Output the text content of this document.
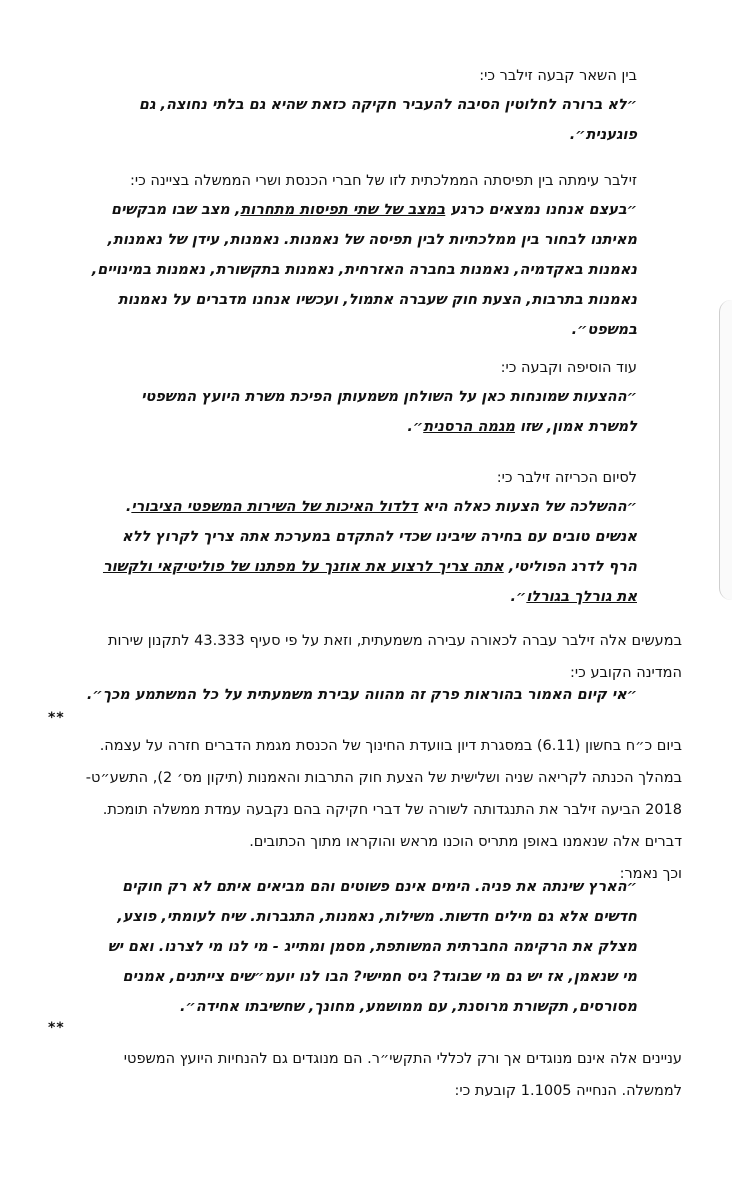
בין השאר קבעה זילבר כי:

״לא ברורה לחלוטין הסיבה להעביר חקיקה כזאת שהיא גם בלתי נחוצה, גם
פוגענית״.

זילבר עימתה בין תפיסתה הממלכתית לזו של חברי הכנסת ושרי הממשלה בציינה כי:

״בעצם אנחנו נמצאים כרגע במצב של שתי תפיסות מתחרות, מצב שבו מבקשים
מאיתנו לבחור בין ממלכתיות לבין תפיסה של נאמנות. נאמנות, עידן של נאמנות,
נאמנות באקדמיה, נאמנות בחברה האזרחית, נאמנות בתקשורת, נאמנות במינויים,
נאמנות בתרבות, הצעת חוק שעברה אתמול, ועכשיו אנחנו מדברים על נאמנות
במשפט״.

עוד הוסיפה וקבעה כי:

״ההצעות שמונחות כאן על השולחן משמעותן הפיכת משרת היועץ המשפטי
למשרת אמון, שזו מגמה הרסנית״.

לסיום הכריזה זילבר כי:

״ההשלכה של הצעות כאלה היא דלדול האיכות של השירות המשפטי הציבורי.
אנשים טובים עם בחירה שיבינו שכדי להתקדם במערכת אתה צריך לקרוץ ללא
הרף לדרג הפוליטי, אתה צריך לרצוע את אוזנך על מפתנו של פוליטיקאי ולקשור
את גורלך בגורלו״.
במעשים אלה זילבר עברה לכאורה עבירה משמעתית, וזאת על פי סעיף 43.333 לתקנון שירות
המדינה הקובע כי:
״אי קיום האמור בהוראות פרק זה מהווה עבירת משמעתית על כל המשתמע מכך״.
**
ביום כ״ח בחשון (6.11) במסגרת דיון בוועדת החינוך של הכנסת מגמת הדברים חזרה על עצמה.
במהלך הכנתה לקריאה שניה ושלישית של הצעת חוק התרבות והאמנות (תיקון מס׳ 2), התשע״ט-
2018 הביעה זילבר את התנגדותה לשורה של דברי חקיקה בהם נקבעה עמדת ממשלה תומכת.
דברים אלה שנאמנו באופן מתריס הוכנו מראש והוקראו מתוך הכתובים.
וכך נאמר:
״הארץ שינתה את פניה. הימים אינם פשוטים והם מביאים איתם לא רק חוקים
חדשים אלא גם מילים חדשות. משילות, נאמנות, התגברות. שיח לעומתי, פוצע,
מצלק את הרקימה החברתית המשותפת, מסמן ומתייג - מי לנו מי לצרנו. ואם יש
מי שנאמן, אז יש גם מי שבוגד? גיס חמישי? הבו לנו יועמ״שים צייתנים, אמנים
מסורסים, תקשורת מרוסנת, עם ממושמע, מחונך, שחשיבתו אחידה״.
**
עניינים אלה אינם מנוגדים אך ורק לכללי התקשי״ר. הם מנוגדים גם להנחיות היועץ המשפטי
לממשלה. הנחייה 1.1005 קובעת כי:
